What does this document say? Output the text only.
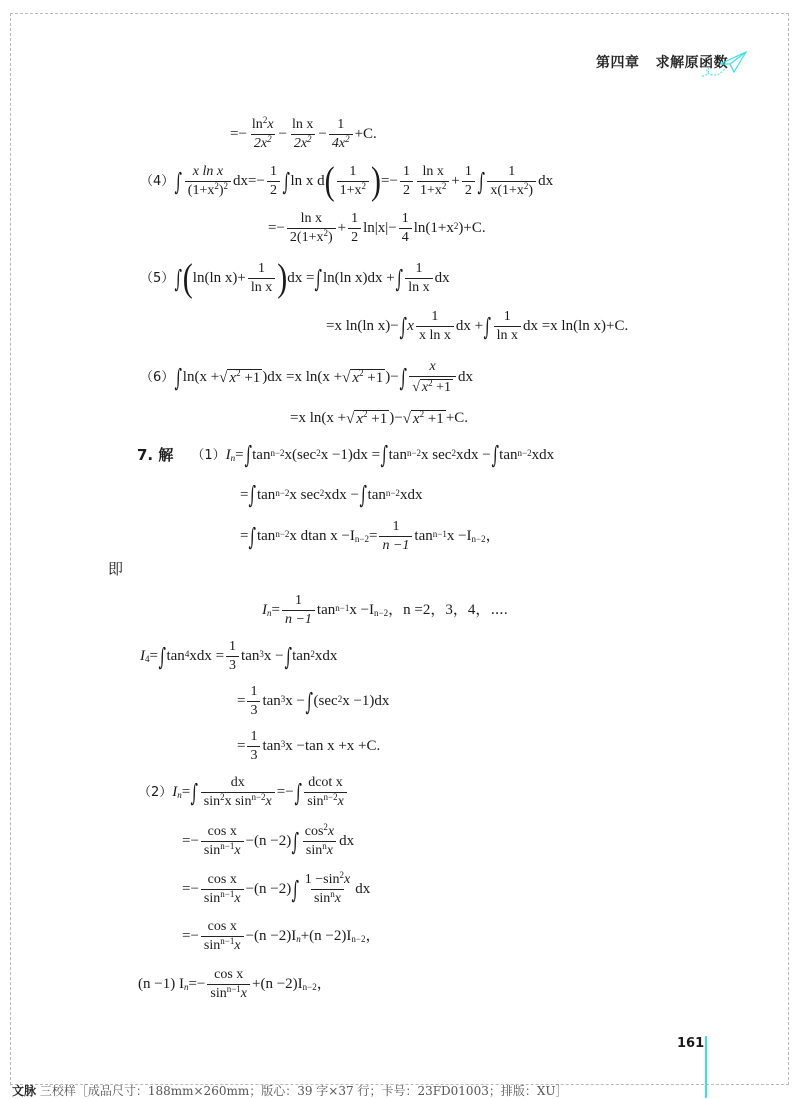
第四章 求解原函数
=− $\frac{\ln^2x}{2x^2} - \frac{\text{ln x}}{2x^2} - \frac{1}{4x^2} +C$.
（4） ∫ $\frac{\text{x ln x}}{(1+x^2)^2}$ dx =− $\frac{1}{2}$ ∫ ln x d ( $\frac{1}{1+x^2}$ ) =− $\frac{1}{2} \frac{\text{ln x}}{1+x^2} + \frac{1}{2}$ ∫ $\frac{1}{x(1+x^2)}$ dx
=− $\frac{\text{ln x}}{2(1+x^2)} + \frac{1}{2} \ln|x|- \frac{1}{4} \ln(1+x^2$ )+C.
（5） ∫ ( ln(ln $x)+ \frac{1}{\text{ln x}}$ ) dx = ∫ ln(ln x)dx + ∫ $\frac{1}{\text{ln x}}$ dx
=x ln(ln x)− ∫ x $\frac{1}{\text{x ln x}}$ dx + ∫ $\frac{1}{\text{ln x}}$ dx =x ln(ln x)+C.
（6） ∫ ln(x + √ $x^2 +1$ )dx =x ln(x + √ $x^2 +1$ )− ∫ $\frac{x}{√ x^2 +1}$ dx
=x ln(x + √ $x^2 +1$ )− √ $x^2 +1 +C$.
7. 解 （1） $I_n$ = ∫ $\tan^{n-2} x(\sec^2$ x −1)dx = ∫ $\tan^{n-2} x$ $\sec^2$ xdx − ∫ $\tan^{n-2}$ xdx
= ∫ $\tan^{n-2} x$ $\sec^2$ xdx − ∫ $\tan^{n-2}$ xdx
= ∫ $\tan^{n-2} x$ dtan $x -I_{n-2} = \frac{1}{n -1} \tan^{n-1} x -I_{n-2}$ ，
即
$I_n = \frac{1}{n -1} \tan^{n-1} x -I_{n-2}$ ，n =2，3，4，⋯.
$I_4$ = ∫ $\tan^4$ xdx = $\frac{1}{3} \tan^3 x$ − ∫ $\tan^2$ xdx
= $\frac{1}{3} \tan^3 x$ − ∫ ($\sec^2$ x −1)dx
= $\frac{1}{3} \tan^3 x -\tan$ x +x +C.
（2） $I_n$ = ∫ $\frac{dx}{\sin^2x \sin^{n-2}x}$ =− ∫ $\frac{\text{dcot x}}{\sin^{n-2}x}$
=− $\frac{\text{cos x}}{\sin^{n-1}x} -(n -2)$ ∫ $\frac{\cos^2x}{\sin^nx}$ dx
=− $\frac{\text{cos x}}{\sin^{n-1}x} -(n -2)$ ∫ $\frac{1 -\sin^2x}{\sin^nx}$ dx
=− $\frac{\text{cos x}}{\sin^{n-1}x} -(n -2)I_n +(n -2)I_{n-2}$ ，
(n −1) $I_n =- \frac{\text{cos x}}{\sin^{n-1}x} +(n -2)I_{n-2}$ ，
161
文脉 三校样［成品尺寸：188mm×260mm；版心：39 字×37 行；卡号：23FD01003；排版：XU］
